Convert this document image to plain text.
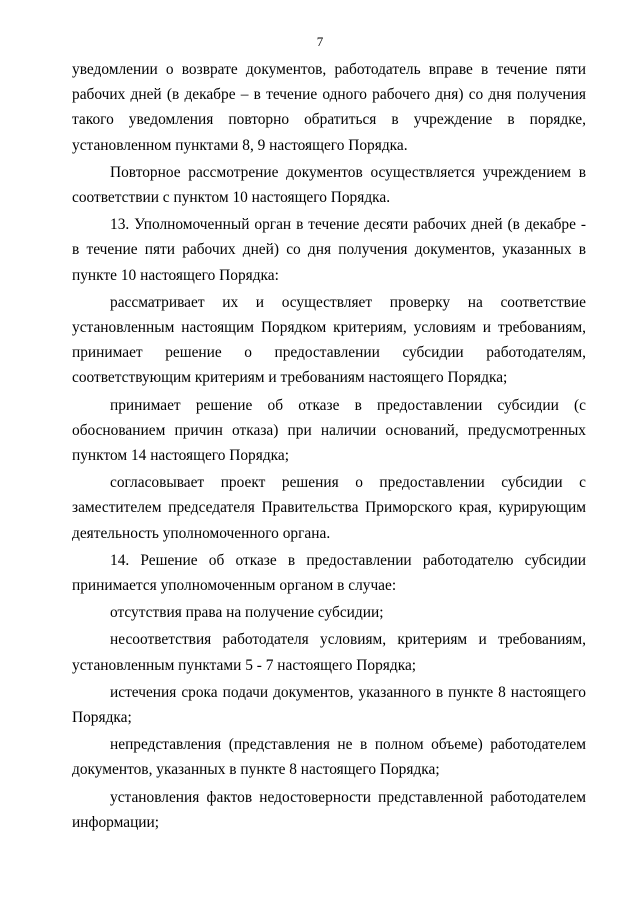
7

уведомлении о возврате документов, работодатель вправе в течение пяти рабочих дней (в декабре – в течение одного рабочего дня) со дня получения такого уведомления повторно обратиться в учреждение в порядке, установленном пунктами 8, 9 настоящего Порядка.

Повторное рассмотрение документов осуществляется учреждением в соответствии с пунктом 10 настоящего Порядка.

13. Уполномоченный орган в течение десяти рабочих дней (в декабре - в течение пяти рабочих дней) со дня получения документов, указанных в пункте 10 настоящего Порядка:

рассматривает их и осуществляет проверку на соответствие установленным настоящим Порядком критериям, условиям и требованиям, принимает решение о предоставлении субсидии работодателям, соответствующим критериям и требованиям настоящего Порядка;

принимает решение об отказе в предоставлении субсидии (с обоснованием причин отказа) при наличии оснований, предусмотренных пунктом 14 настоящего Порядка;

согласовывает проект решения о предоставлении субсидии с заместителем председателя Правительства Приморского края, курирующим деятельность уполномоченного органа.

14. Решение об отказе в предоставлении работодателю субсидии принимается уполномоченным органом в случае:

отсутствия права на получение субсидии;

несоответствия работодателя условиям, критериям и требованиям, установленным пунктами 5 - 7 настоящего Порядка;

истечения срока подачи документов, указанного в пункте 8 настоящего Порядка;

непредставления (представления не в полном объеме) работодателем документов, указанных в пункте 8 настоящего Порядка;

установления фактов недостоверности представленной работодателем информации;
